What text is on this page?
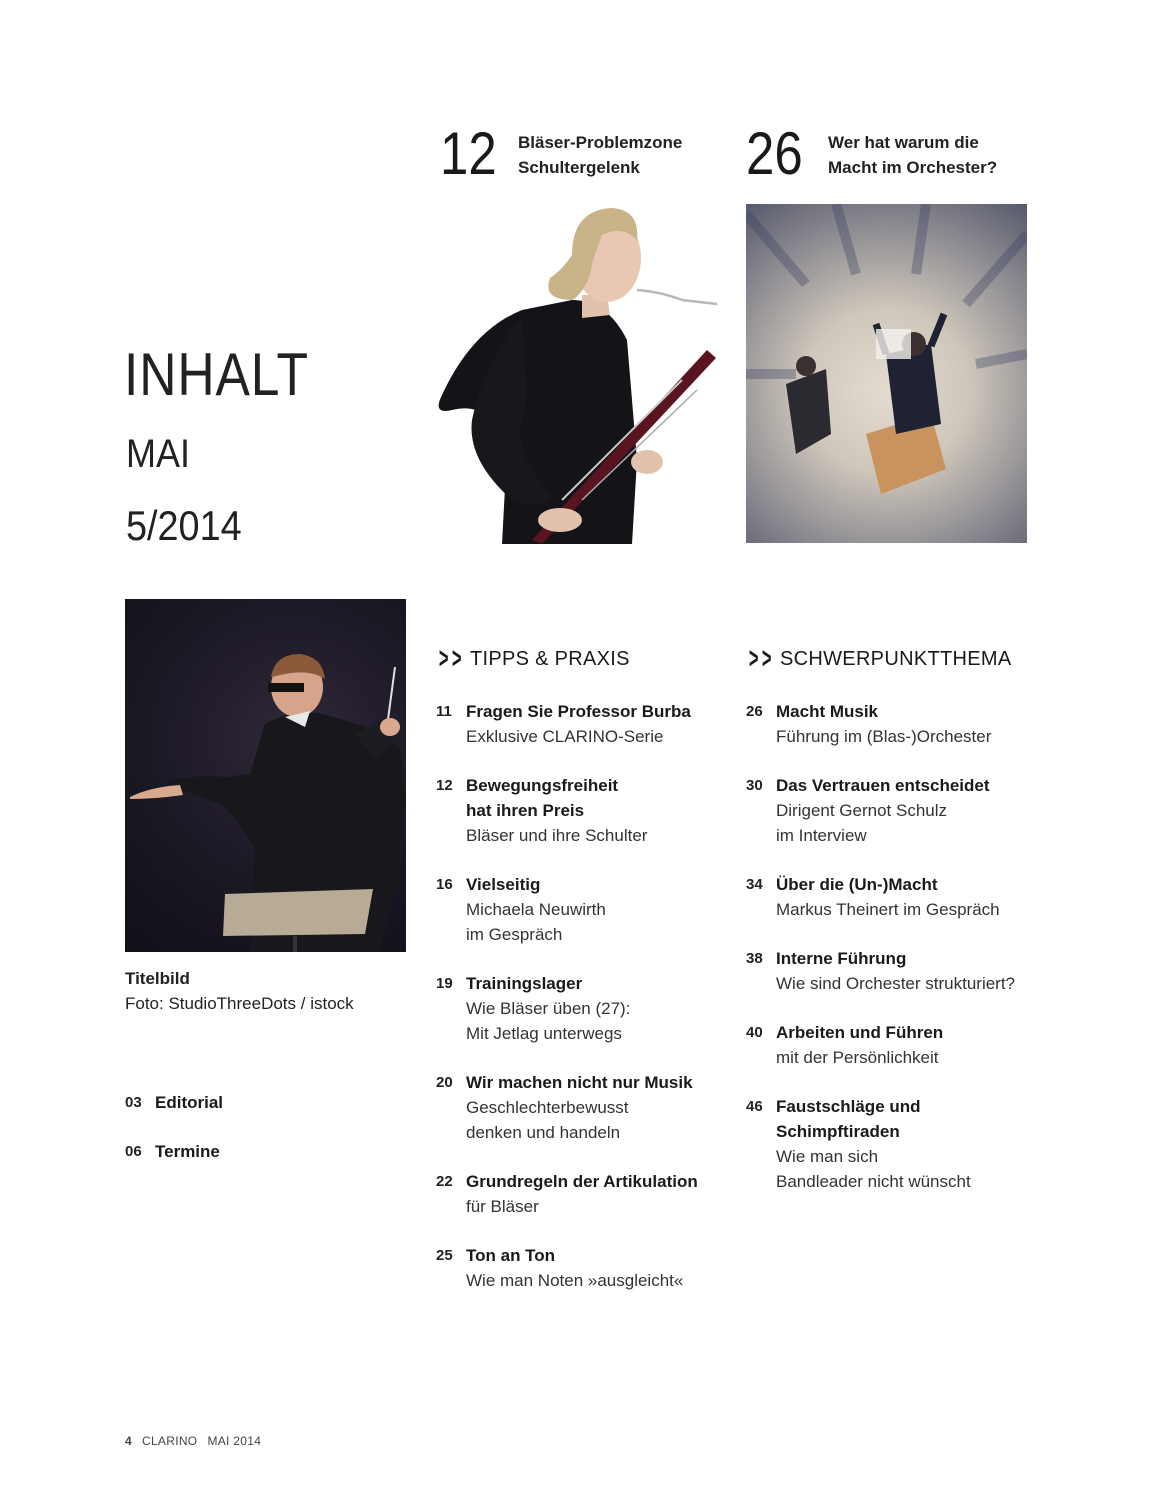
INHALT
MAI
5/2014
12 Bläser-Problemzone
Schultergelenk	26 Wer hat warum die
Macht im Orchester?
Titelbild
Foto: StudioThreeDots / istock
03 Editorial
06 Termine
> > TIPPS & PRAXIS
11 Fragen Sie Professor Burba
Exklusive CLARINO-Serie
12 Bewegungsfreiheit
hat ihren Preis
Bläser und ihre Schulter
16 Vielseitig
Michaela Neuwirth
im Gespräch
19 Trainingslager
Wie Bläser üben (27):
Mit Jetlag unterwegs
20 Wir machen nicht nur Musik
Geschlechterbewusst
denken und handeln
22 Grundregeln der Artikulation
für Bläser
25 Ton an Ton
Wie man Noten »ausgleicht«
> > SCHWERPUNKTTHEMA
26 Macht Musik
Führung im (Blas-)Orchester
30 Das Vertrauen entscheidet
Dirigent Gernot Schulz
im Interview
34 Über die (Un-)Macht
Markus Theinert im Gespräch
38 Interne Führung
Wie sind Orchester strukturiert?
40 Arbeiten und Führen
mit der Persönlichkeit
46 Faustschläge und
Schimpftiraden
Wie man sich
Bandleader nicht wünscht
4 CLARINO MAI 2014
